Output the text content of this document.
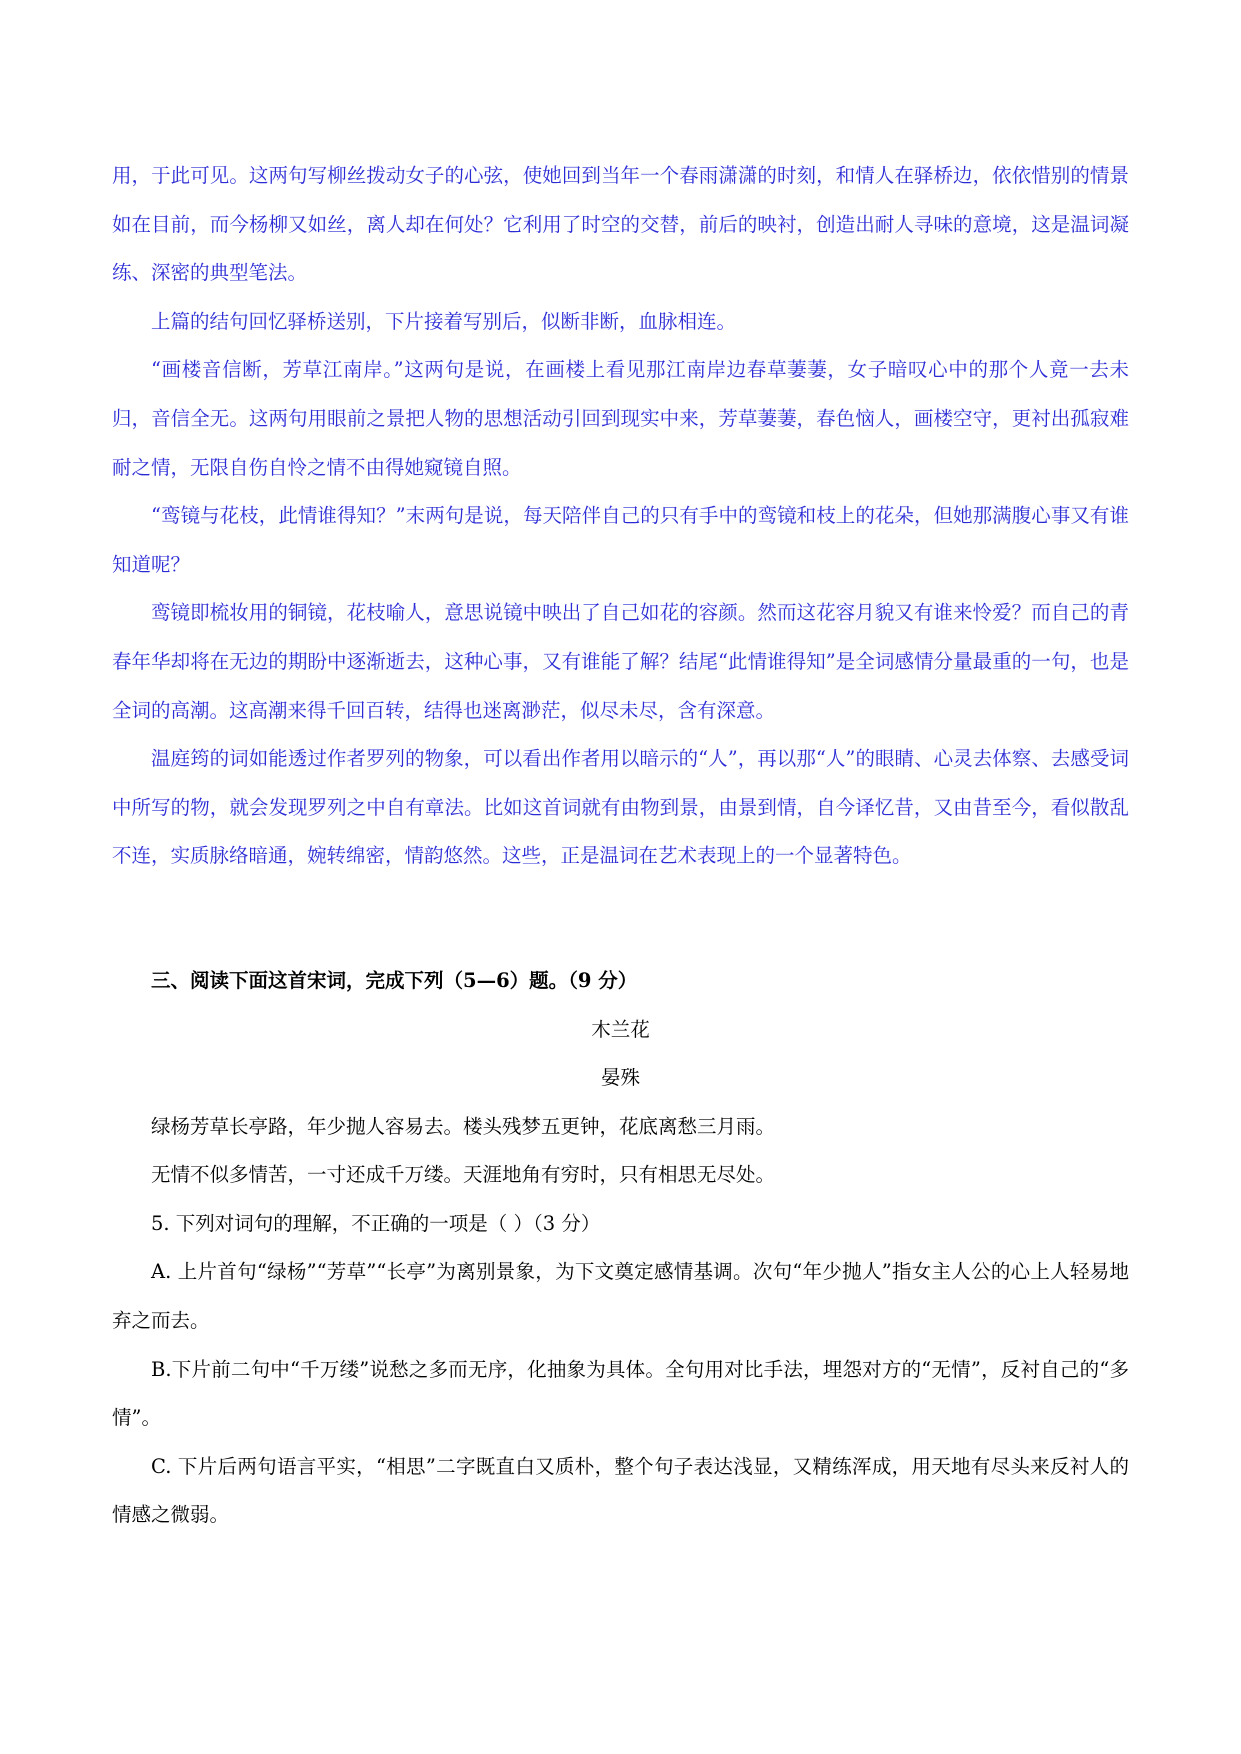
用，于此可见。这两句写柳丝拨动女子的心弦，使她回到当年一个春雨潇潇的时刻，和情人在驿桥边，依依惜别的情景如在目前，而今杨柳又如丝，离人却在何处？它利用了时空的交替，前后的映衬，创造出耐人寻味的意境，这是温词凝练、深密的典型笔法。

上篇的结句回忆驿桥送别，下片接着写别后，似断非断，血脉相连。

“画楼音信断，芳草江南岸。”这两句是说，在画楼上看见那江南岸边春草萋萋，女子暗叹心中的那个人竟一去未归，音信全无。这两句用眼前之景把人物的思想活动引回到现实中来，芳草萋萋，春色恼人，画楼空守，更衬出孤寂难耐之情，无限自伤自怜之情不由得她窥镜自照。

“鸾镜与花枝，此情谁得知？”末两句是说，每天陪伴自己的只有手中的鸾镜和枝上的花朵，但她那满腹心事又有谁知道呢？

鸾镜即梳妆用的铜镜，花枝喻人，意思说镜中映出了自己如花的容颜。然而这花容月貌又有谁来怜爱？而自己的青春年华却将在无边的期盼中逐渐逝去，这种心事，又有谁能了解？结尾“此情谁得知”是全词感情分量最重的一句，也是全词的高潮。这高潮来得千回百转，结得也迷离渺茫，似尽未尽，含有深意。

温庭筠的词如能透过作者罗列的物象，可以看出作者用以暗示的“人”，再以那“人”的眼睛、心灵去体察、去感受词中所写的物，就会发现罗列之中自有章法。比如这首词就有由物到景，由景到情，自今译忆昔，又由昔至今，看似散乱不连，实质脉络暗通，婉转绵密，情韵悠然。这些，正是温词在艺术表现上的一个显著特色。

三、阅读下面这首宋词，完成下列（5—6）题。（9 分）

木兰花

晏殊

绿杨芳草长亭路，年少抛人容易去。楼头残梦五更钟，花底离愁三月雨。

无情不似多情苦，一寸还成千万缕。天涯地角有穷时，只有相思无尽处。

5. 下列对词句的理解，不正确的一项是（ ）（3 分）

A. 上片首句“绿杨”“芳草”“长亭”为离别景象，为下文奠定感情基调。次句“年少抛人”指女主人公的心上人轻易地弃之而去。

B.下片前二句中“千万缕”说愁之多而无序，化抽象为具体。全句用对比手法，埋怨对方的“无情”，反衬自己的“多情”。

C. 下片后两句语言平实，“相思”二字既直白又质朴，整个句子表达浅显，又精练浑成，用天地有尽头来反衬人的情感之微弱。
